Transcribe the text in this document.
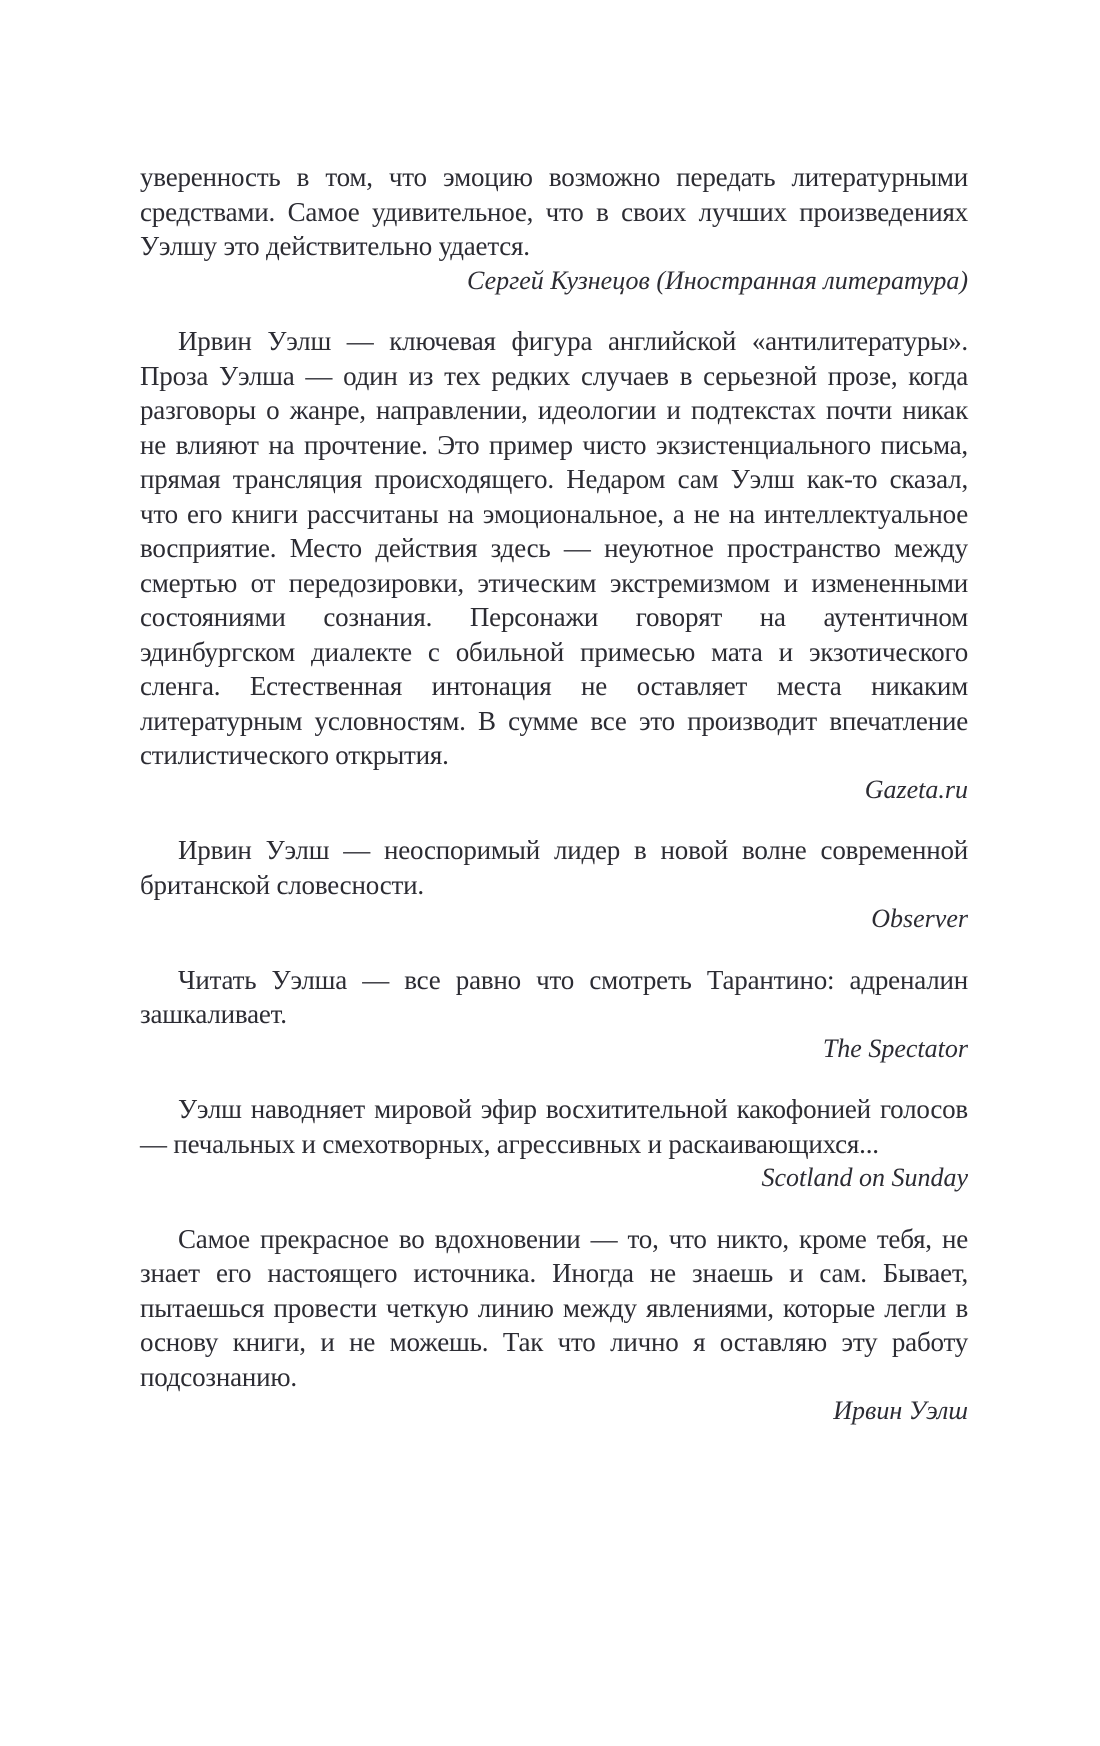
уверенность в том, что эмоцию возможно передать литературными средствами. Самое удивительное, что в своих лучших произведениях Уэлшу это действительно удается.

Сергей Кузнецов (Иностранная литература)

Ирвин Уэлш — ключевая фигура английской «антилитературы». Проза Уэлша — один из тех редких случаев в серьезной прозе, когда разговоры о жанре, направлении, идеологии и подтекстах почти никак не влияют на прочтение. Это пример чисто экзистенциального письма, прямая трансляция происходящего. Недаром сам Уэлш как-то сказал, что его книги рассчитаны на эмоциональное, а не на интеллектуальное восприятие. Место действия здесь — неуютное пространство между смертью от передозировки, этическим экстремизмом и измененными состояниями сознания. Персонажи говорят на аутентичном эдинбургском диалекте с обильной примесью мата и экзотического сленга. Естественная интонация не оставляет места никаким литературным условностям. В сумме все это производит впечатление стилистического открытия.

Gazeta.ru

Ирвин Уэлш — неоспоримый лидер в новой волне современной британской словесности.

Observer

Читать Уэлша — все равно что смотреть Тарантино: адреналин зашкаливает.

The Spectator

Уэлш наводняет мировой эфир восхитительной какофонией голосов — печальных и смехотворных, агрессивных и раскаивающихся...

Scotland on Sunday

Самое прекрасное во вдохновении — то, что никто, кроме тебя, не знает его настоящего источника. Иногда не знаешь и сам. Бывает, пытаешься провести четкую линию между явлениями, которые легли в основу книги, и не можешь. Так что лично я оставляю эту работу подсознанию.

Ирвин Уэлш
